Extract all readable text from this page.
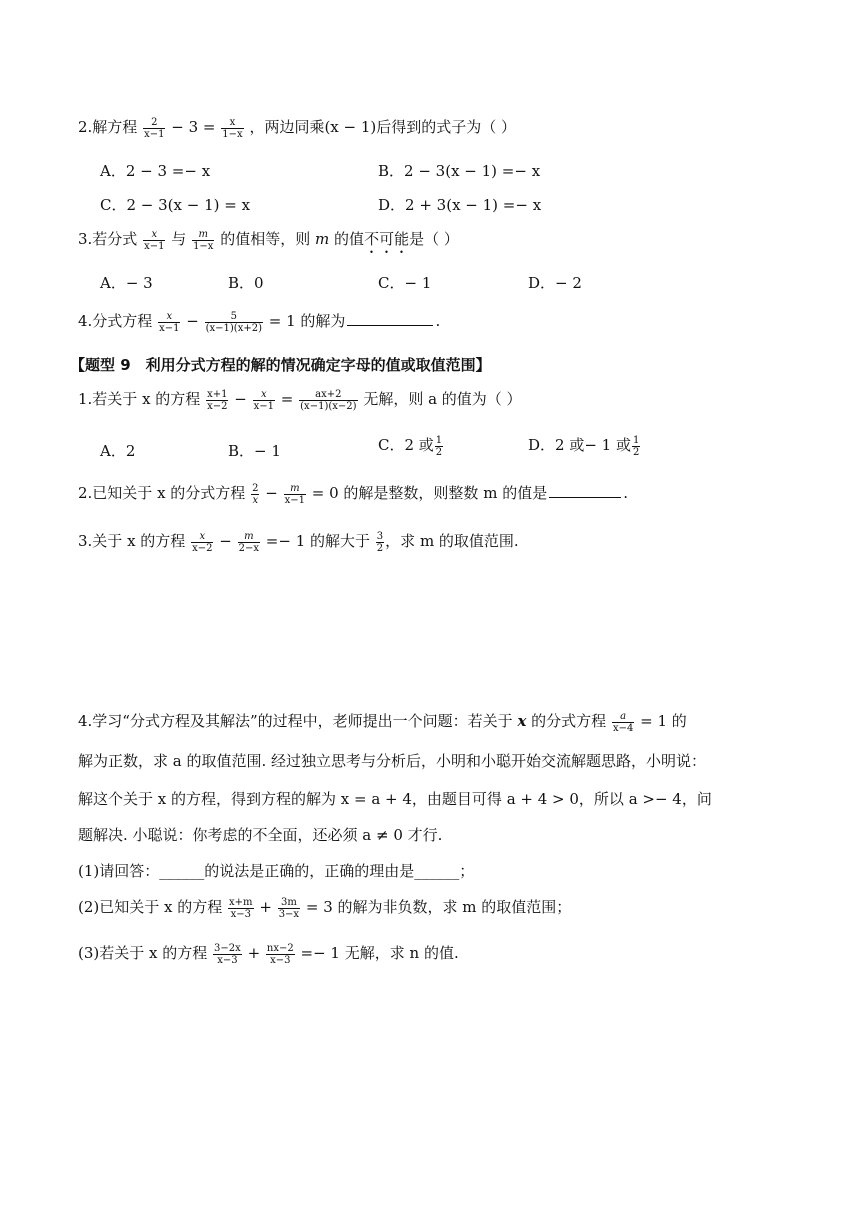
2.解方程 $\frac{2}{x-1} - 3 = \frac{x}{1-x}$ ，两边同乘(x − 1)后得到的式子为（ ）
A．2 − 3 =− x	B．2 − 3(x − 1) =− x
C．2 − 3(x − 1) = x	D．2 + 3(x − 1) =− x
3.若分式 $\frac{x}{x-1}$ 与 $\frac{m}{1-x}$ 的值相等，则 m 的值不可能是（ ）
A．− 3	B．0	C．− 1	D．− 2
4.分式方程 $\frac{x}{x-1} - \frac{5}{(x-1)(x+2)} = 1$ 的解为	.
【题型 9　利用分式方程的解的情况确定字母的值或取值范围】
1.若关于 x 的方程 $\frac{x+1}{x-2} - \frac{x}{x-1} = \frac{ax+2}{(x-1)(x-2)}$ 无解，则 a 的值为（ ）
A．2	B．− 1	C．2 或 $\frac{1}{2}$	D．2 或− 1 或 $\frac{1}{2}$
2.已知关于 x 的分式方程 $\frac{2}{x} - \frac{m}{x-1} = 0$ 的解是整数，则整数 m 的值是	.
3.关于 x 的方程 $\frac{x}{x-2} - \frac{m}{2-x} =- 1$ 的解大于 $\frac{3}{2}$ ，求 m 的取值范围.
4.学习“分式方程及其解法”的过程中，老师提出一个问题：若关于 x 的分式方程 $\frac{a}{x-4} = 1$ 的
解为正数，求 a 的取值范围. 经过独立思考与分析后，小明和小聪开始交流解题思路，小明说：
解这个关于 x 的方程，得到方程的解为 x = a + 4，由题目可得 a + 4 > 0，所以 a >− 4，问
题解决. 小聪说：你考虑的不全面，还必须 a ≠ 0 才行.
(1)请回答：______的说法是正确的，正确的理由是______；
(2)已知关于 x 的方程 $\frac{x+m}{x-3} + \frac{3m}{3-x} = 3$ 的解为非负数，求 m 的取值范围；
(3)若关于 x 的方程 $\frac{3-2x}{x-3} + \frac{nx-2}{x-3} =- 1$ 无解，求 n 的值.
